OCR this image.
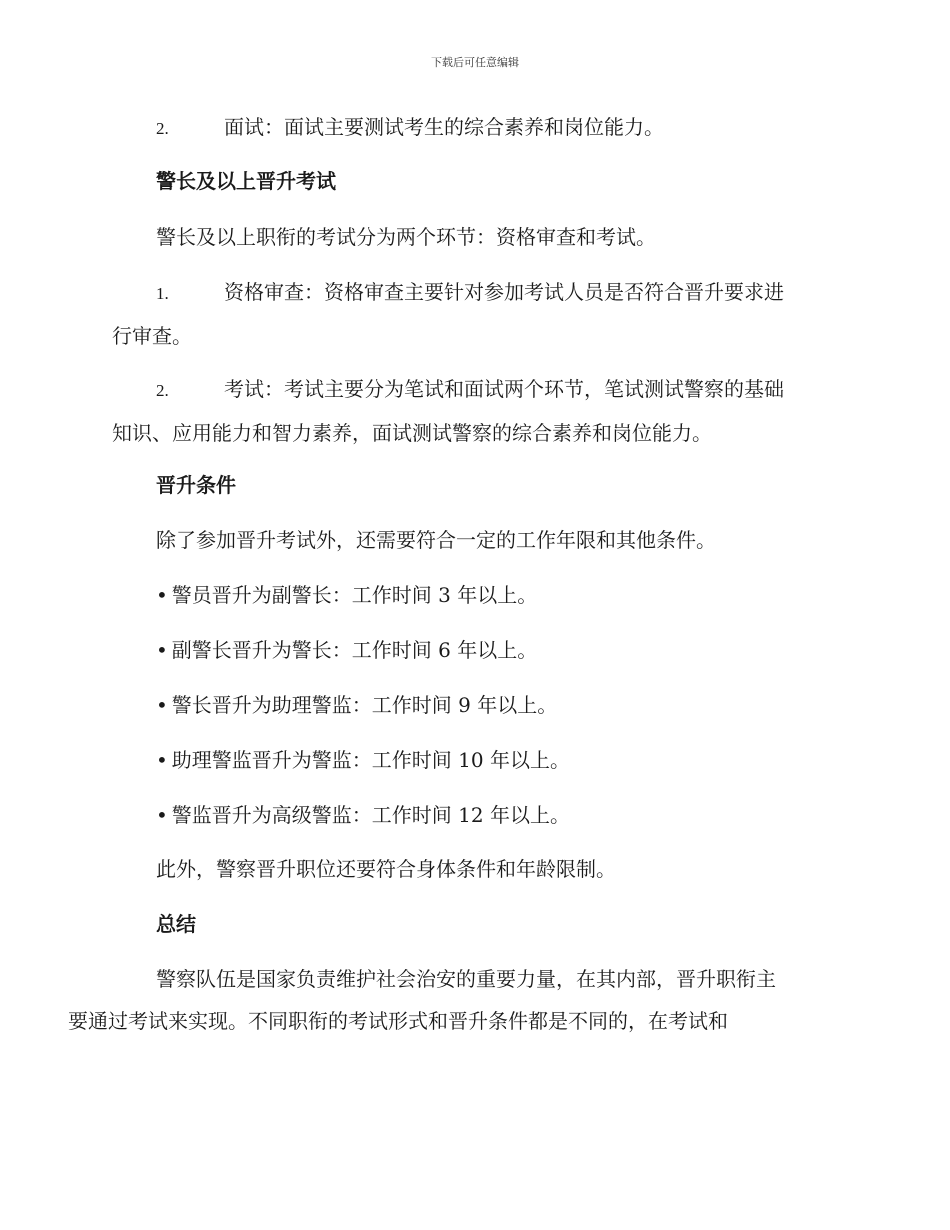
下载后可任意编辑
2.	面试：面试主要测试考生的综合素养和岗位能力。
警长及以上晋升考试
警长及以上职衔的考试分为两个环节：资格审查和考试。
1.	资格审查：资格审查主要针对参加考试人员是否符合晋升要求进
行审查。
2.	考试：考试主要分为笔试和面试两个环节，笔试测试警察的基础
知识、应用能力和智力素养，面试测试警察的综合素养和岗位能力。
晋升条件
除了参加晋升考试外，还需要符合一定的工作年限和其他条件。
• 警员晋升为副警长：工作时间 3 年以上。
• 副警长晋升为警长：工作时间 6 年以上。
• 警长晋升为助理警监：工作时间 9 年以上。
• 助理警监晋升为警监：工作时间 10 年以上。
• 警监晋升为高级警监：工作时间 12 年以上。
此外，警察晋升职位还要符合身体条件和年龄限制。
总结
警察队伍是国家负责维护社会治安的重要力量，在其内部，晋升职衔主
要通过考试来实现。不同职衔的考试形式和晋升条件都是不同的，在考试和
